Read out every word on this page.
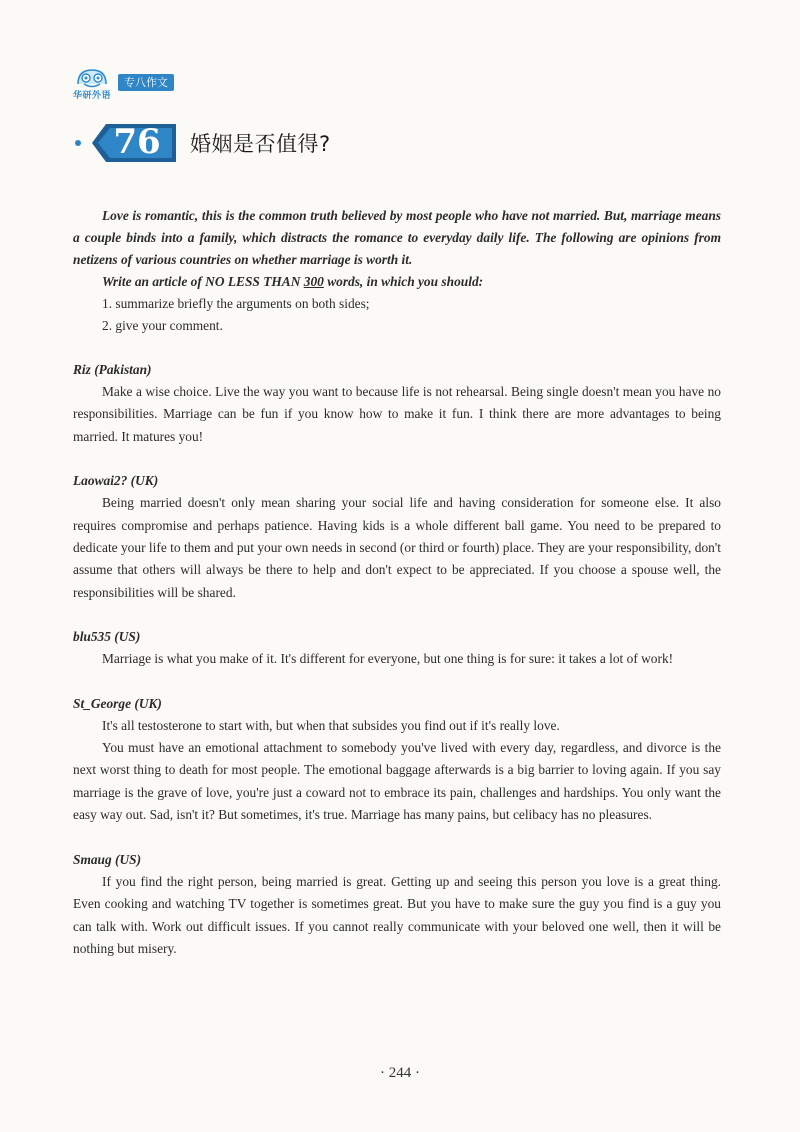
华研外语
专八作文
76	婚姻是否值得?

Love is romantic, this is the common truth believed by most people who have not married. But, marriage means a couple binds into a family, which distracts the romance to everyday daily life. The following are opinions from netizens of various countries on whether marriage is worth it.

Write an article of NO LESS THAN 300 words, in which you should:

1. summarize briefly the arguments on both sides;

2. give your comment.

Riz (Pakistan)

Make a wise choice. Live the way you want to because life is not rehearsal. Being single doesn't mean you have no responsibilities. Marriage can be fun if you know how to make it fun. I think there are more advantages to being married. It matures you!

Laowai2? (UK)

Being married doesn't only mean sharing your social life and having consideration for someone else. It also requires compromise and perhaps patience. Having kids is a whole different ball game. You need to be prepared to dedicate your life to them and put your own needs in second (or third or fourth) place. They are your responsibility, don't assume that others will always be there to help and don't expect to be appreciated. If you choose a spouse well, the responsibilities will be shared.

blu535 (US)

Marriage is what you make of it. It's different for everyone, but one thing is for sure: it takes a lot of work!

St_George (UK)

It's all testosterone to start with, but when that subsides you find out if it's really love.

You must have an emotional attachment to somebody you've lived with every day, regardless, and divorce is the next worst thing to death for most people. The emotional baggage afterwards is a big barrier to loving again. If you say marriage is the grave of love, you're just a coward not to embrace its pain, challenges and hardships. You only want the easy way out. Sad, isn't it? But sometimes, it's true. Marriage has many pains, but celibacy has no pleasures.

Smaug (US)

If you find the right person, being married is great. Getting up and seeing this person you love is a great thing. Even cooking and watching TV together is sometimes great. But you have to make sure the guy you find is a guy you can talk with. Work out difficult issues. If you cannot really communicate with your beloved one well, then it will be nothing but misery.

· 244 ·
